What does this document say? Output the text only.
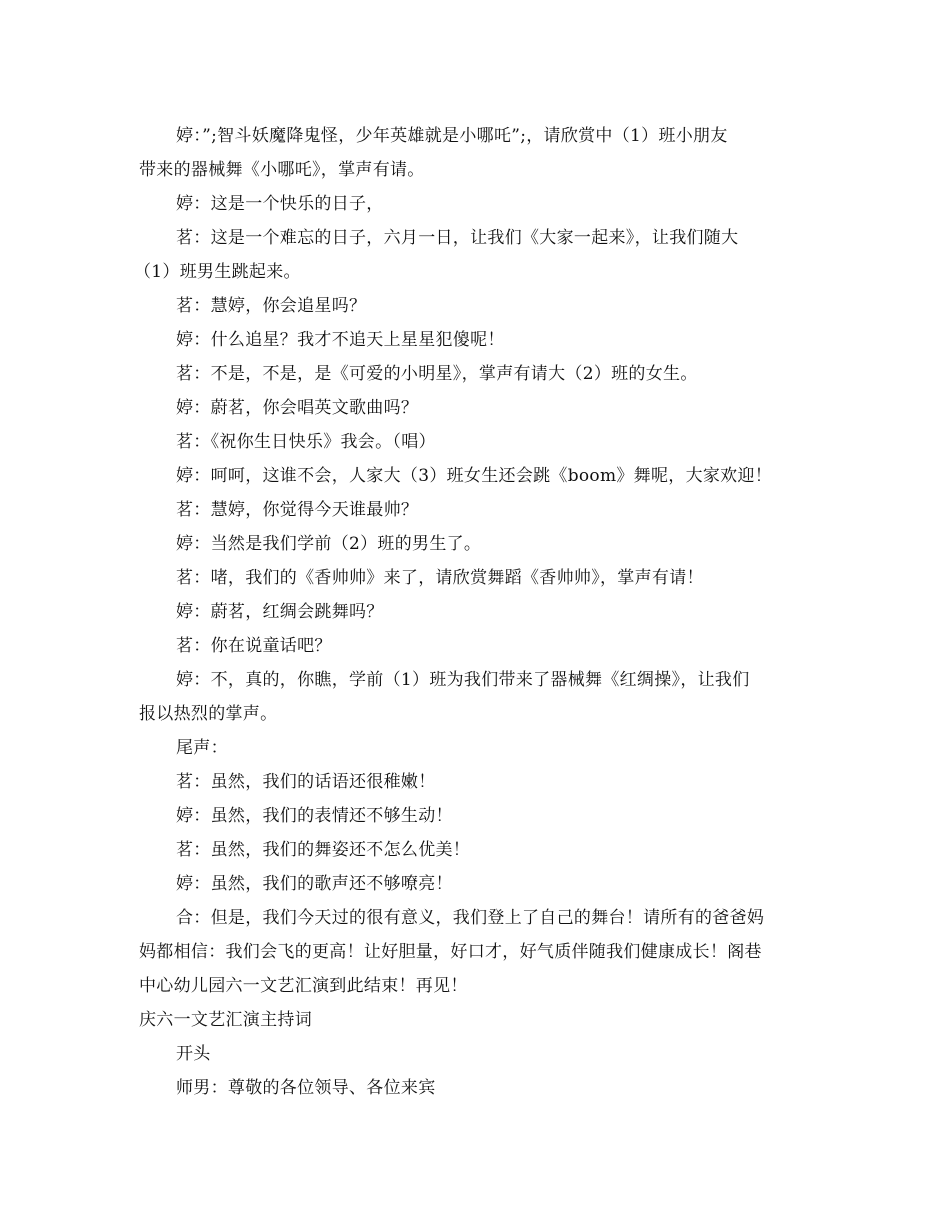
婷：”;智斗妖魔降鬼怪，少年英雄就是小哪吒”;，请欣赏中（1）班小朋友
带来的器械舞《小哪吒》，掌声有请。
婷：这是一个快乐的日子，
茗：这是一个难忘的日子，六月一日，让我们《大家一起来》，让我们随大
（1）班男生跳起来。
茗：慧婷，你会追星吗？
婷：什么追星？我才不追天上星星犯傻呢！
茗：不是，不是，是《可爱的小明星》，掌声有请大（2）班的女生。
婷：蔚茗，你会唱英文歌曲吗？
茗：《祝你生日快乐》我会。（唱）
婷：呵呵，这谁不会，人家大（3）班女生还会跳《boom》舞呢，大家欢迎！
茗：慧婷，你觉得今天谁最帅？
婷：当然是我们学前（2）班的男生了。
茗：啫，我们的《香帅帅》来了，请欣赏舞蹈《香帅帅》，掌声有请！
婷：蔚茗，红绸会跳舞吗？
茗：你在说童话吧？
婷：不，真的，你瞧，学前（1）班为我们带来了器械舞《红绸操》，让我们
报以热烈的掌声。
尾声：
茗：虽然，我们的话语还很稚嫩！
婷：虽然，我们的表情还不够生动！
茗：虽然，我们的舞姿还不怎么优美！
婷：虽然，我们的歌声还不够嘹亮！
合：但是，我们今天过的很有意义，我们登上了自己的舞台！请所有的爸爸妈
妈都相信：我们会飞的更高！让好胆量，好口才，好气质伴随我们健康成长！阁巷
中心幼儿园六一文艺汇演到此结束！再见！
庆六一文艺汇演主持词
开头
师男：尊敬的各位领导、各位来宾
